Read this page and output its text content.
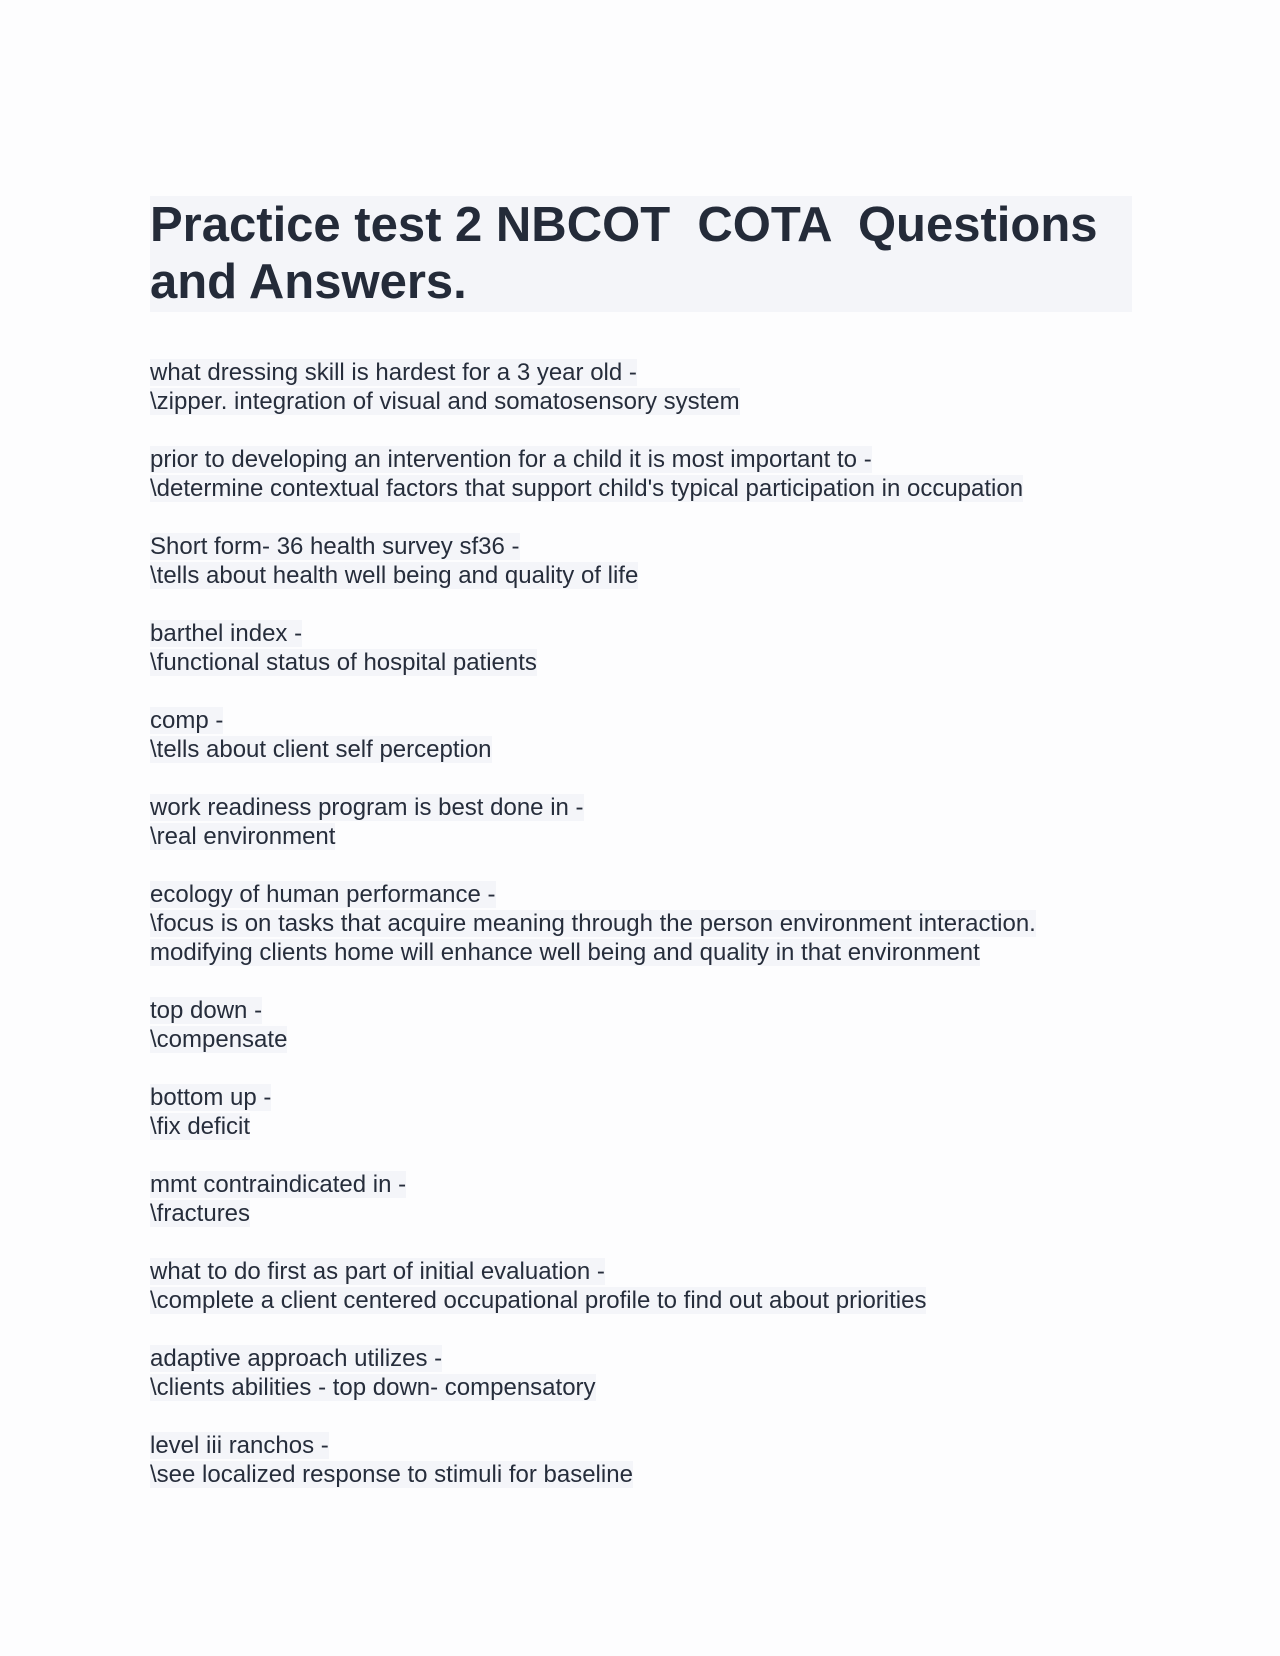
Practice test 2 NBCOT  COTA  Questions and Answers.
what dressing skill is hardest for a 3 year old -
\zipper. integration of visual and somatosensory system
prior to developing an intervention for a child it is most important to -
\determine contextual factors that support child's typical participation in occupation
Short form- 36 health survey sf36 -
\tells about health well being and quality of life
barthel index -
\functional status of hospital patients
comp -
\tells about client self perception
work readiness program is best done in -
\real environment
ecology of human performance -
\focus is on tasks that acquire meaning through the person environment interaction.
modifying clients home will enhance well being and quality in that environment
top down -
\compensate
bottom up -
\fix deficit
mmt contraindicated in -
\fractures
what to do first as part of initial evaluation -
\complete a client centered occupational profile to find out about priorities
adaptive approach utilizes -
\clients abilities - top down- compensatory
level iii ranchos -
\see localized response to stimuli for baseline
